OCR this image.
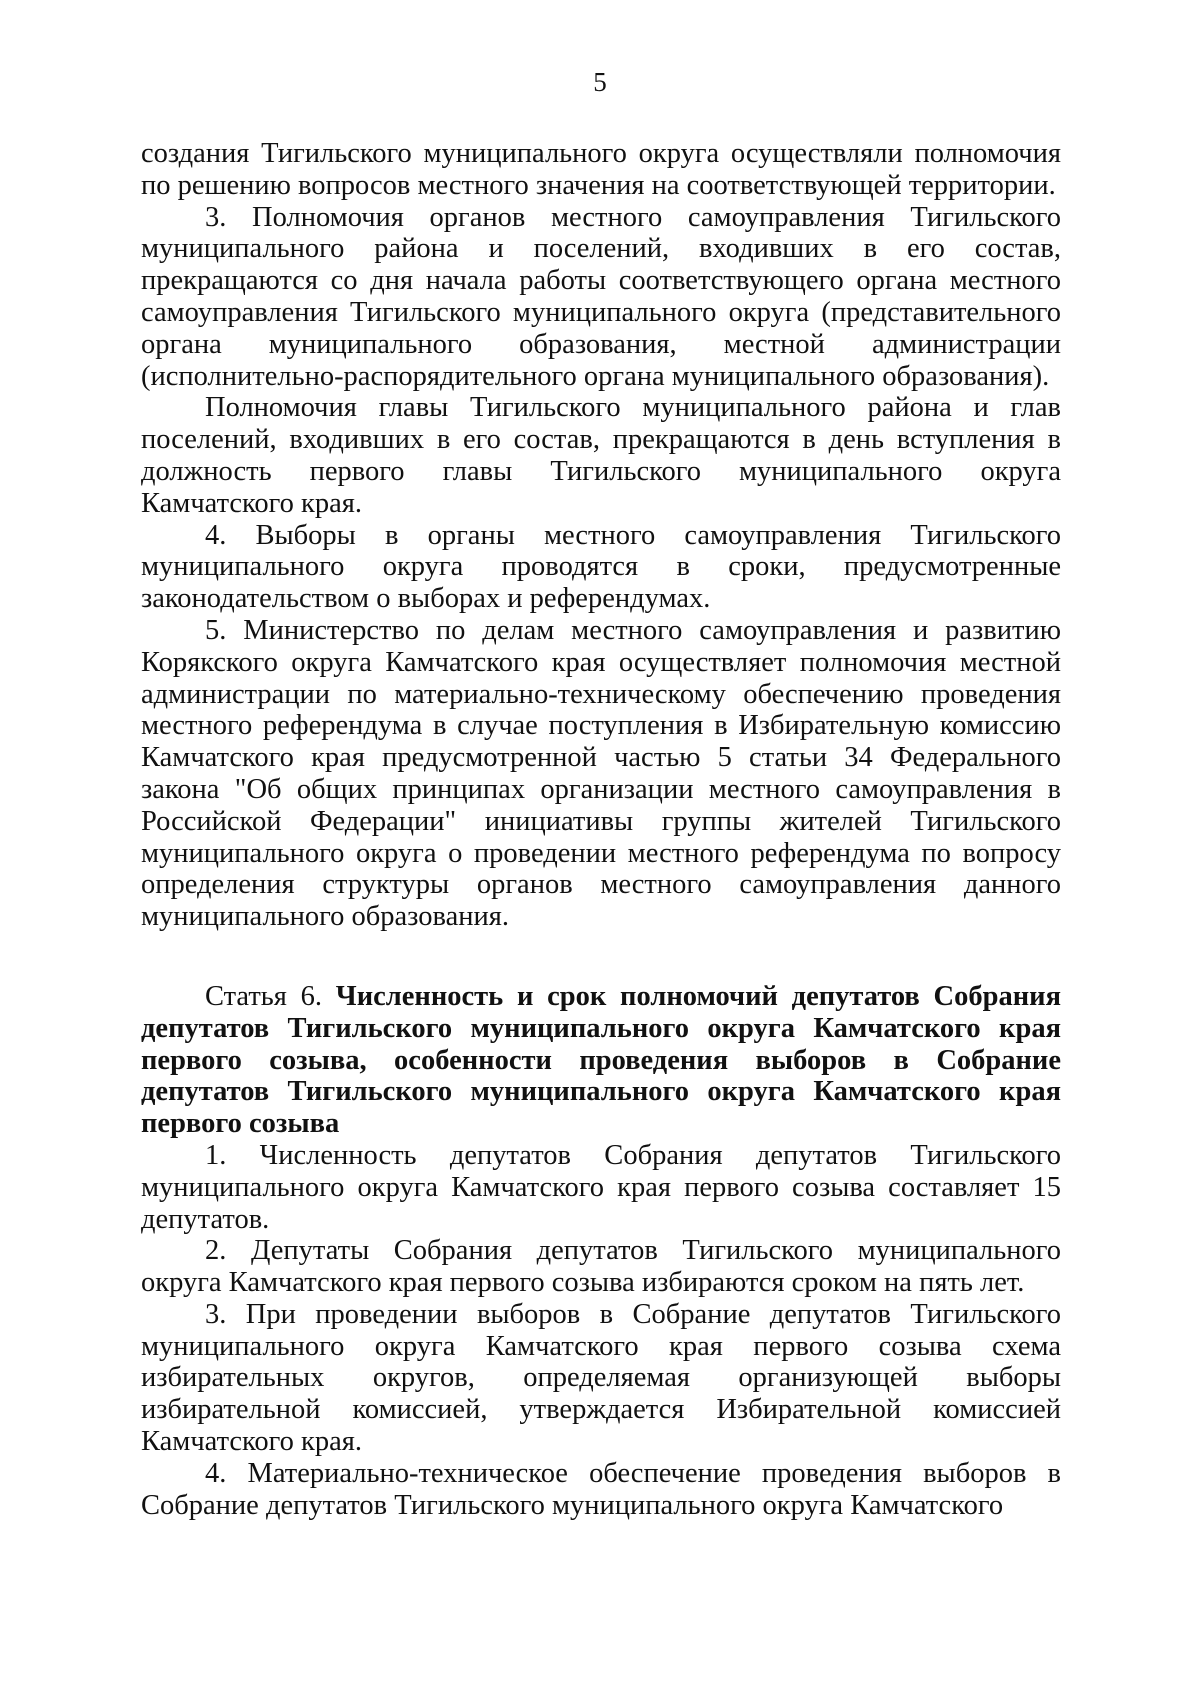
5

создания Тигильского муниципального округа осуществляли полномочия по решению вопросов местного значения на соответствующей территории.

3. Полномочия органов местного самоуправления Тигильского муниципального района и поселений, входивших в его состав, прекращаются со дня начала работы соответствующего органа местного самоуправления Тигильского муниципального округа (представительного органа муниципального образования, местной администрации (исполнительно-распорядительного органа муниципального образования).

Полномочия главы Тигильского муниципального района и глав поселений, входивших в его состав, прекращаются в день вступления в должность первого главы Тигильского муниципального округа Камчатского края.

4. Выборы в органы местного самоуправления Тигильского муниципального округа проводятся в сроки, предусмотренные законодательством о выборах и референдумах.

5. Министерство по делам местного самоуправления и развитию Корякского округа Камчатского края осуществляет полномочия местной администрации по материально-техническому обеспечению проведения местного референдума в случае поступления в Избирательную комиссию Камчатского края предусмотренной частью 5 статьи 34 Федерального закона "Об общих принципах организации местного самоуправления в Российской Федерации" инициативы группы жителей Тигильского муниципального округа о проведении местного референдума по вопросу определения структуры органов местного самоуправления данного муниципального образования.

Статья 6. Численность и срок полномочий депутатов Собрания депутатов Тигильского муниципального округа Камчатского края первого созыва, особенности проведения выборов в Собрание депутатов Тигильского муниципального округа Камчатского края первого созыва

1. Численность депутатов Собрания депутатов Тигильского муниципального округа Камчатского края первого созыва составляет 15 депутатов.

2. Депутаты Собрания депутатов Тигильского муниципального округа Камчатского края первого созыва избираются сроком на пять лет.

3. При проведении выборов в Собрание депутатов Тигильского муниципального округа Камчатского края первого созыва схема избирательных округов, определяемая организующей выборы избирательной комиссией, утверждается Избирательной комиссией Камчатского края.

4. Материально-техническое обеспечение проведения выборов в Собрание депутатов Тигильского муниципального округа Камчатского
